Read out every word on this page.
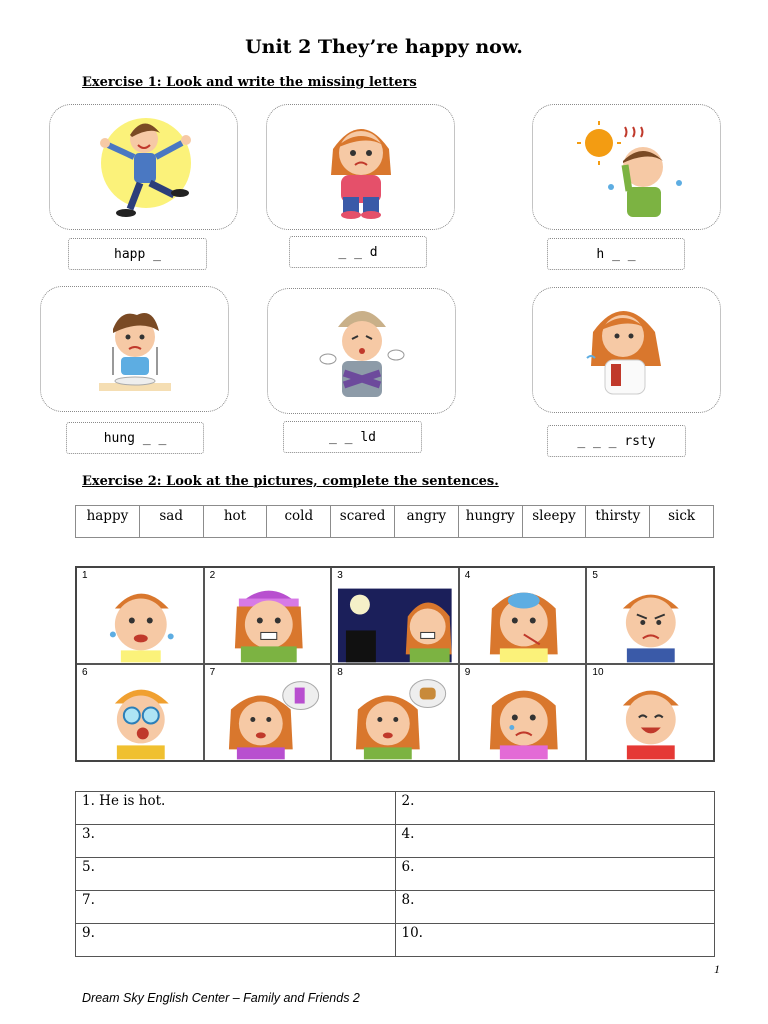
Unit 2 They’re happy now.
Exercise 1: Look and write the missing letters
happ _	_ _ d	h _ _
hung _ _	_ _ ld	_ _ _ rsty
Exercise 2: Look at the pictures, complete the sentences.
happy	sad	hot	cold	scared	angry	hungry	sleepy	thirsty	sick
1	2	3	4	5
6	7	8	9	10
1. He is hot.	2.
3.	4.
5.	6.
7.	8.
9.	10.
1
Dream Sky English Center – Family and Friends 2
